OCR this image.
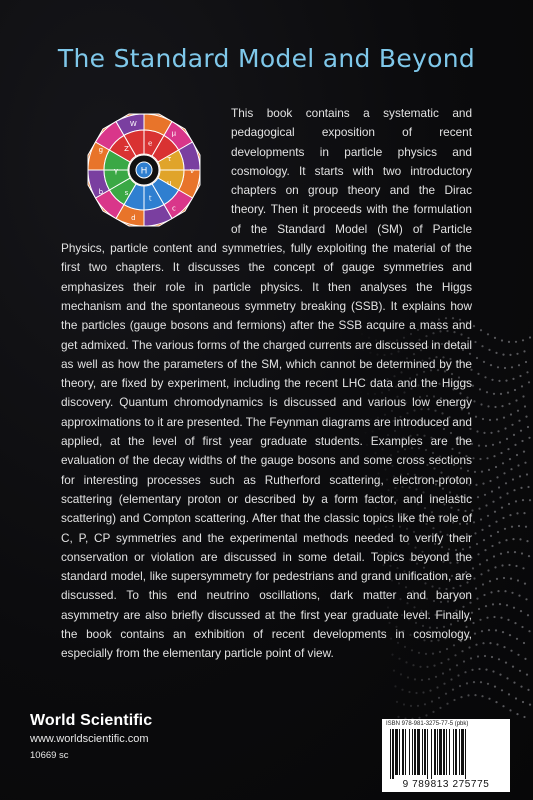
The Standard Model and Beyond
e
μ
τ
ν
u
c
t
d
s
b
γ
g	Z
W
H

This book contains a systematic and pedagogical exposition of recent developments in particle physics and cosmology. It starts with two introductory chapters on group theory and the Dirac theory. Then it proceeds with the formulation of the Standard Model (SM) of Particle Physics, particle content and symmetries, fully exploiting the material of the first two chapters. It discusses the concept of gauge symmetries and emphasizes their role in particle physics. It then analyses the Higgs mechanism and the spontaneous symmetry breaking (SSB). It explains how the particles (gauge bosons and fermions) after the SSB acquire a mass and get admixed. The various forms of the charged currents are discussed in detail as well as how the parameters of the SM, which cannot be determined by the theory, are fixed by experiment, including the recent LHC data and the Higgs discovery. Quantum chromodynamics is discussed and various low energy approximations to it are presented. The Feynman diagrams are introduced and applied, at the level of first year graduate students. Examples are the evaluation of the decay widths of the gauge bosons and some cross sections for interesting processes such as Rutherford scattering, electron-proton scattering (elementary proton or described by a form factor, and inelastic scattering) and Compton scattering. After that the classic topics like the role of C, P, CP symmetries and the experimental methods needed to verify their conservation or violation are discussed in some detail. Topics beyond the standard model, like supersymmetry for pedestrians and grand unification, are discussed. To this end neutrino oscillations, dark matter and baryon asymmetry are also briefly discussed at the first year graduate level. Finally, the book contains an exhibition of recent developments in cosmology, especially from the elementary particle point of view.

World Scientific
www.worldscientific.com
10669 sc
ISBN 978-981-3275-77-5 (pbk)
9 789813 275775
